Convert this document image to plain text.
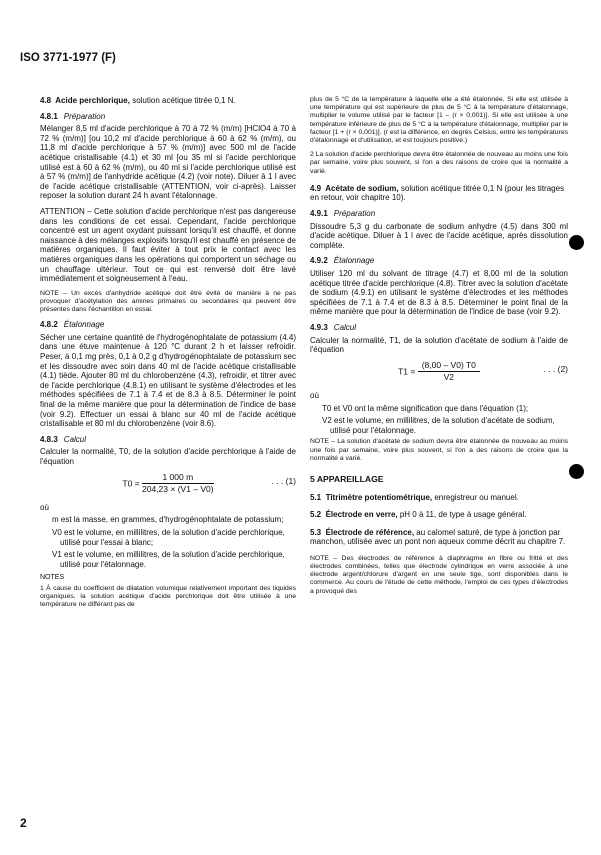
ISO 3771-1977 (F)
4.8 Acide perchlorique, solution acétique titrée 0,1 N.
4.8.1 Préparation

Mélanger 8,5 ml d'acide perchlorique à 70 à 72 % (m/m) [HClO4 à 70 à 72 % (m/m)] [ou 10,2 ml d'acide perchlorique à 60 à 62 % (m/m), ou 11,8 ml d'acide perchlorique à 57 % (m/m)] avec 500 ml de l'acide acétique cristallisable (4.1) et 30 ml [ou 35 ml si l'acide perchlorique utilisé est à 60 à 62 % (m/m), ou 40 ml si l'acide perchlorique utilisé est à 57 % (m/m)] de l'anhydride acétique (4.2) (voir note). Diluer à 1 l avec de l'acide acétique cristallisable (ATTENTION, voir ci-après). Laisser reposer la solution durant 24 h avant l'étalonnage.

ATTENTION – Cette solution d'acide perchlorique n'est pas dangereuse dans les conditions de cet essai. Cependant, l'acide perchlorique concentré est un agent oxydant puissant lorsqu'il est chauffé, et donne naissance à des mélanges explosifs lorsqu'il est chauffé en présence de matières organiques. Il faut éviter à tout prix le contact avec les matières organiques dans les opérations qui comportent un séchage ou un chauffage ultérieur. Tout ce qui est renversé doit être lavé immédiatement et soigneusement à l'eau.

NOTE – Un excès d'anhydride acétique doit être évité de manière à ne pas provoquer d'acétylation des amines primaires ou secondaires qui peuvent être présentes dans l'échantillon en essai.

4.8.2 Étalonnage

Sécher une certaine quantité de l'hydrogénophtalate de potassium (4.4) dans une étuve maintenue à 120 °C durant 2 h et laisser refroidir. Peser, à 0,1 mg près, 0,1 à 0,2 g d'hydrogénophtalate de potassium sec et les dissoudre avec soin dans 40 ml de l'acide acétique cristallisable (4.1) tiède. Ajouter 80 ml du chlorobenzène (4.3), refroidir, et titrer avec de l'acide perchlorique (4.8.1) en utilisant le système d'électrodes et les méthodes spécifiées de 7.1 à 7.4 et de 8.3 à 8.5. Déterminer le point final de la même manière que pour la détermination de l'indice de base (voir 9.2). Effectuer un essai à blanc sur 40 ml de l'acide acétique cristallisable et 80 ml du chlorobenzène (voir 8.6).

4.8.3 Calcul

Calculer la normalité, T0, de la solution d'acide perchlorique à l'aide de l'équation

$T0 = \frac{1 000 m}{204,23 \times (V1 - V0)}$	. . . (1)
où
m est la masse, en grammes, d'hydrogénophtalate de potassium;
V0 est le volume, en millilitres, de la solution d'acide perchlorique, utilisé pour l'essai à blanc;
V1 est le volume, en millilitres, de la solution d'acide perchlorique, utilisé pour l'étalonnage.
NOTES

1 À cause du coefficient de dilatation volumique relativement important des liquides organiques, la solution acétique d'acide perchlorique doit être utilisée à une température ne différant pas de

plus de 5 °C de la température à laquelle elle a été étalonnée. Si elle est utilisée à une température qui est supérieure de plus de 5 °C à la température d'étalonnage, multiplier le volume utilisé par le facteur [1 – (r × 0,001)]. Si elle est utilisée à une température inférieure de plus de 5 °C à la température d'étalonnage, multiplier par le facteur [1 + (r × 0,001)]. (r est la différence, en degrés Celsius, entre les températures d'étalonnage et d'utilisation, et est toujours positive.)

2 La solution d'acide perchlorique devra être étalonnée de nouveau au moins une fois par semaine, voire plus souvent, si l'on a des raisons de croire que la normalité a varié.

4.9 Acétate de sodium, solution acétique titrée 0,1 N (pour les titrages en retour, voir chapitre 10).
4.9.1 Préparation

Dissoudre 5,3 g du carbonate de sodium anhydre (4.5) dans 300 ml d'acide acétique. Diluer à 1 l avec de l'acide acétique, après dissolution complète.

4.9.2 Étalonnage

Utiliser 120 ml du solvant de titrage (4.7) et 8,00 ml de la solution acétique titrée d'acide perchlorique (4.8). Titrer avec la solution d'acétate de sodium (4.9.1) en utilisant le système d'électrodes et les méthodes spécifiées de 7.1 à 7.4 et de 8.3 à 8.5. Déterminer le point final de la même manière que pour la détermination de l'indice de base (voir 9.2).

4.9.3 Calcul

Calculer la normalité, T1, de la solution d'acétate de sodium à l'aide de l'équation

$T1 = \frac{(8,00 - V0) T0}{V2}$	. . . (2)
où
T0 et V0 ont la même signification que dans l'équation (1);
V2 est le volume, en millilitres, de la solution d'acétate de sodium, utilisé pour l'étalonnage.

NOTE – La solution d'acétate de sodium devra être étalonnée de nouveau au moins une fois par semaine, voire plus souvent, si l'on a des raisons de croire que la normalité a varié.

5 APPAREILLAGE
5.1 Titrimètre potentiométrique, enregistreur ou manuel.
5.2 Électrode en verre, pH 0 à 11, de type à usage général.
5.3 Électrode de référence, au calomel saturé, de type à jonction par manchon, utilisée avec un pont non aqueux comme décrit au chapitre 7.

NOTE – Des électrodes de référence à diaphragme en fibre ou fritté et des électrodes combinées, telles que électrode cylindrique en verre associée à une électrode argent/chlorure d'argent en une seule tige, sont disponibles dans le commerce. Au cours de l'étude de cette méthode, l'emploi de ces types d'électrodes a provoqué des

2
